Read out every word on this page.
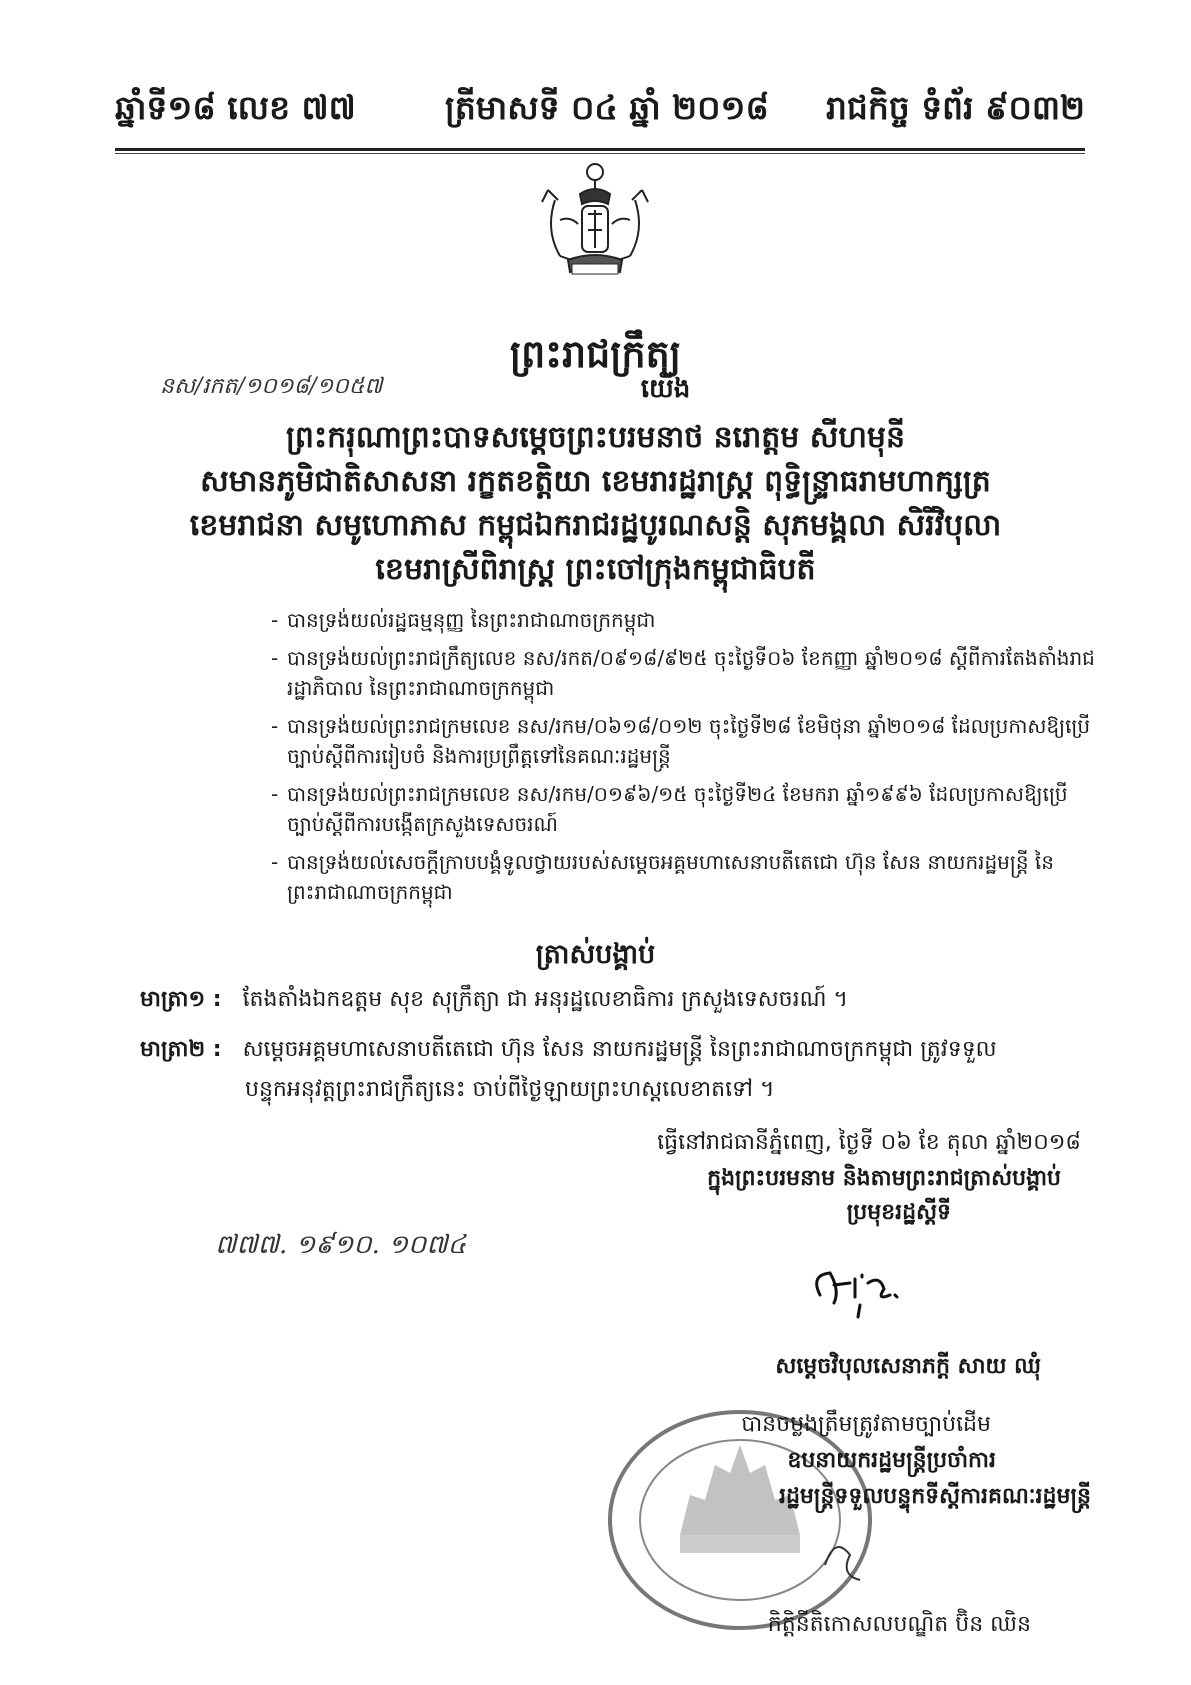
ឆ្នាំទី១៨ លេខ ៧៧	ត្រីមាសទី ០៤ ឆ្នាំ ២០១៨ រាជកិច្ច ទំព័រ ៩០៣២
ព្រះរាជក្រឹត្យ
នស/រកត/១០១៨/១០៥៧	យើង
ព្រះករុណាព្រះបាទសម្តេចព្រះបរមនាថ នរោត្តម សីហមុនី
សមានភូមិជាតិសាសនា រក្ខតខត្តិយា ខេមរារដ្ឋរាស្ត្រ ពុទ្ធិន្ទ្រាធរាមហាក្សត្រ
ខេមរាជនា សមូហោភាស កម្ពុជឯករាជរដ្ឋបូរណសន្តិ សុភមង្គលា សិរីវិបុលា
ខេមរាស្រីពិរាស្ត្រ ព្រះចៅក្រុងកម្ពុជាធិបតី
- បានទ្រង់យល់រដ្ឋធម្មនុញ្ញ នៃព្រះរាជាណាចក្រកម្ពុជា
- បានទ្រង់យល់ព្រះរាជក្រឹត្យលេខ នស/រកត/០៩១៨/៩២៥ ចុះថ្ងៃទី០៦ ខែកញ្ញា ឆ្នាំ២០១៨ ស្តីពីការតែងតាំងរាជរដ្ឋាភិបាល នៃព្រះរាជាណាចក្រកម្ពុជា
- បានទ្រង់យល់ព្រះរាជក្រមលេខ នស/រកម/០៦១៨/០១២ ចុះថ្ងៃទី២៨ ខែមិថុនា ឆ្នាំ២០១៨ ដែលប្រកាសឱ្យប្រើច្បាប់ស្តីពីការរៀបចំ និងការប្រព្រឹត្តទៅនៃគណៈរដ្ឋមន្ត្រី
- បានទ្រង់យល់ព្រះរាជក្រមលេខ នស/រកម/០១៩៦/១៥ ចុះថ្ងៃទី២៤ ខែមករា ឆ្នាំ១៩៩៦ ដែលប្រកាសឱ្យប្រើច្បាប់ស្តីពីការបង្កើតក្រសួងទេសចរណ៍
- បានទ្រង់យល់សេចក្តីក្រាបបង្គំទូលថ្វាយរបស់សម្តេចអគ្គមហាសេនាបតីតេជោ ហ៊ុន សែន នាយករដ្ឋមន្ត្រី នៃព្រះរាជាណាចក្រកម្ពុជា
ត្រាស់បង្គាប់
មាត្រា១ : តែងតាំងឯកឧត្តម សុខ សុក្រឹត្យា ជា អនុរដ្ឋលេខាធិការ ក្រសួងទេសចរណ៍ ។
មាត្រា២ : សម្តេចអគ្គមហាសេនាបតីតេជោ ហ៊ុន សែន នាយករដ្ឋមន្ត្រី នៃព្រះរាជាណាចក្រកម្ពុជា ត្រូវទទួល
បន្ទុកអនុវត្តព្រះរាជក្រឹត្យនេះ ចាប់ពីថ្ងៃឡាយព្រះហស្តលេខាតទៅ ។
ធ្វើនៅរាជធានីភ្នំពេញ, ថ្ងៃទី ០៦ ខែ តុលា ឆ្នាំ២០១៨
ក្នុងព្រះបរមនាម និងតាមព្រះរាជត្រាស់បង្គាប់
ប្រមុខរដ្ឋស្តីទី
៧៧៧. ១៩១០. ១០៧៤
សម្តេចវិបុលសេនាភក្តី សាយ ឈុំ
បានចម្លងត្រឹមត្រូវតាមច្បាប់ដើម
ឧបនាយករដ្ឋមន្ត្រីប្រចាំការ
រដ្ឋមន្ត្រីទទួលបន្ទុកទីស្តីការគណៈរដ្ឋមន្ត្រី
កិត្តិនីតិកោសលបណ្ឌិត ប៊ិន ឈិន
